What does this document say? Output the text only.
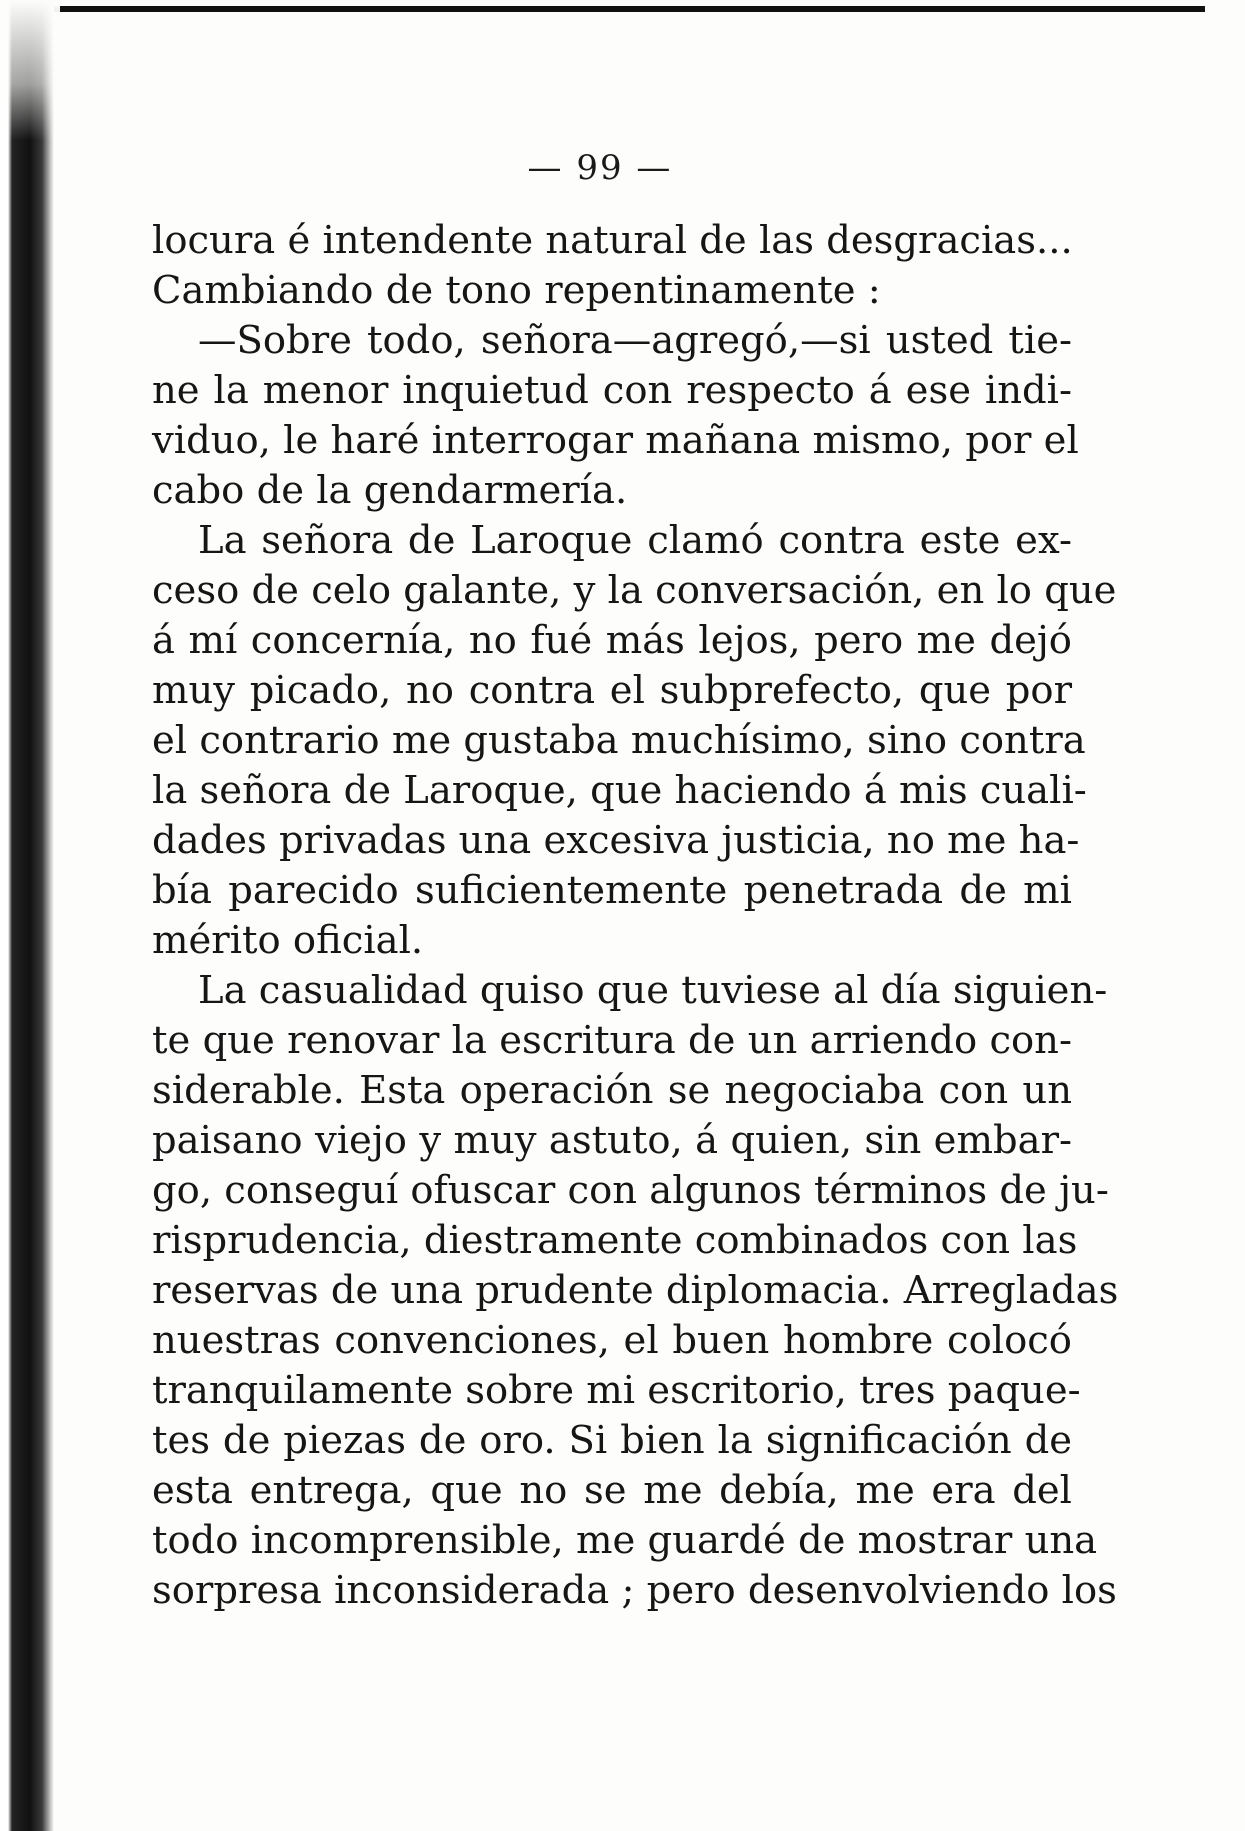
— 99 —
locura é intendente natural de las desgracias...
Cambiando de tono repentinamente :
—Sobre todo, señora—agregó,—si usted tie-
ne la menor inquietud con respecto á ese indi-
viduo, le haré interrogar mañana mismo, por el
cabo de la gendarmería.
La señora de Laroque clamó contra este ex-
ceso de celo galante, y la conversación, en lo que
á mí concernía, no fué más lejos, pero me dejó
muy picado, no contra el subprefecto, que por
el contrario me gustaba muchísimo, sino contra
la señora de Laroque, que haciendo á mis cuali-
dades privadas una excesiva justicia, no me ha-
bía parecido suficientemente penetrada de mi
mérito oficial.
La casualidad quiso que tuviese al día siguien-
te que renovar la escritura de un arriendo con-
siderable. Esta operación se negociaba con un
paisano viejo y muy astuto, á quien, sin embar-
go, conseguí ofuscar con algunos términos de ju-
risprudencia, diestramente combinados con las
reservas de una prudente diplomacia. Arregladas
nuestras convenciones, el buen hombre colocó
tranquilamente sobre mi escritorio, tres paque-
tes de piezas de oro. Si bien la significación de
esta entrega, que no se me debía, me era del
todo incomprensible, me guardé de mostrar una
sorpresa inconsiderada ; pero desenvolviendo los
